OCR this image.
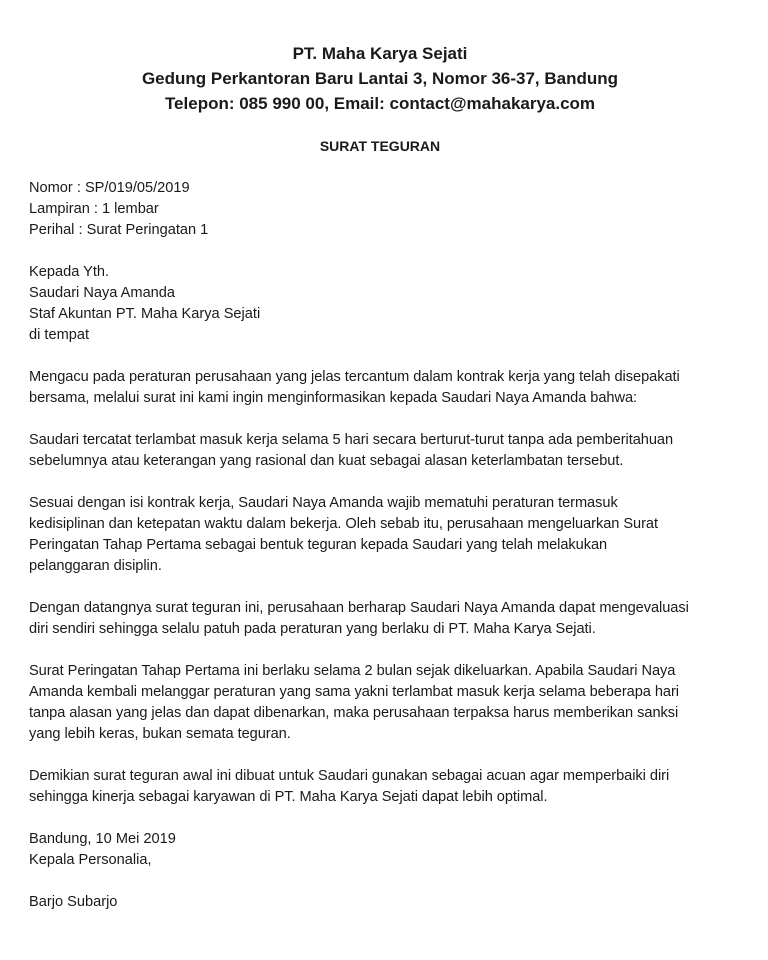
PT. Maha Karya Sejati
Gedung Perkantoran Baru Lantai 3, Nomor 36-37, Bandung
Telepon: 085 990 00, Email: contact@mahakarya.com
SURAT TEGURAN
Nomor : SP/019/05/2019
Lampiran : 1 lembar
Perihal : Surat Peringatan 1
Kepada Yth.
Saudari Naya Amanda
Staf Akuntan PT. Maha Karya Sejati
di tempat
Mengacu pada peraturan perusahaan yang jelas tercantum dalam kontrak kerja yang telah disepakati
bersama, melalui surat ini kami ingin menginformasikan kepada Saudari Naya Amanda bahwa:
Saudari tercatat terlambat masuk kerja selama 5 hari secara berturut-turut tanpa ada pemberitahuan
sebelumnya atau keterangan yang rasional dan kuat sebagai alasan keterlambatan tersebut.
Sesuai dengan isi kontrak kerja, Saudari Naya Amanda wajib mematuhi peraturan termasuk
kedisiplinan dan ketepatan waktu dalam bekerja. Oleh sebab itu, perusahaan mengeluarkan Surat
Peringatan Tahap Pertama sebagai bentuk teguran kepada Saudari yang telah melakukan
pelanggaran disiplin.
Dengan datangnya surat teguran ini, perusahaan berharap Saudari Naya Amanda dapat mengevaluasi
diri sendiri sehingga selalu patuh pada peraturan yang berlaku di PT. Maha Karya Sejati.
Surat Peringatan Tahap Pertama ini berlaku selama 2 bulan sejak dikeluarkan. Apabila Saudari Naya
Amanda kembali melanggar peraturan yang sama yakni terlambat masuk kerja selama beberapa hari
tanpa alasan yang jelas dan dapat dibenarkan, maka perusahaan terpaksa harus memberikan sanksi
yang lebih keras, bukan semata teguran.
Demikian surat teguran awal ini dibuat untuk Saudari gunakan sebagai acuan agar memperbaiki diri
sehingga kinerja sebagai karyawan di PT. Maha Karya Sejati dapat lebih optimal.
Bandung, 10 Mei 2019
Kepala Personalia,
Barjo Subarjo
